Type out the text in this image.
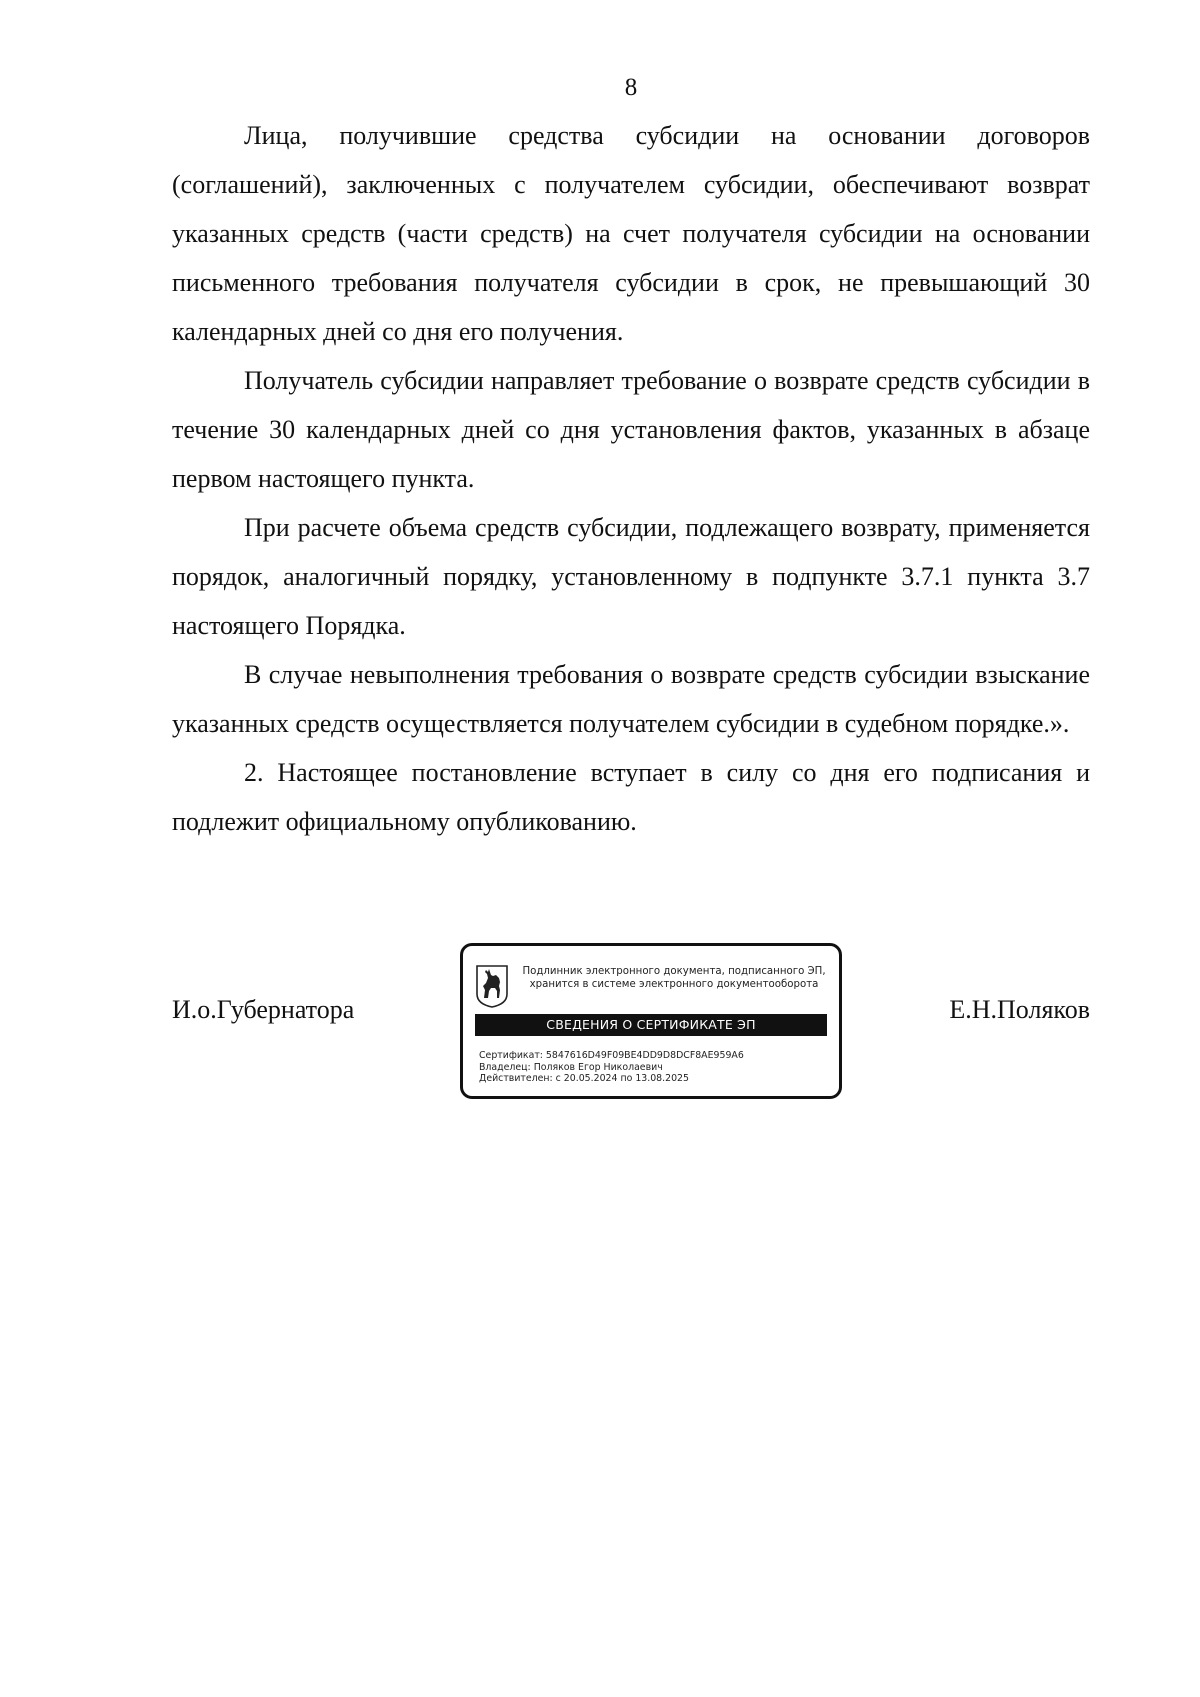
8

Лица, получившие средства субсидии на основании договоров (соглашений), заключенных с получателем субсидии, обеспечивают возврат указанных средств (части средств) на счет получателя субсидии на основании письменного требования получателя субсидии в срок, не превышающий 30 календарных дней со дня его получения.

Получатель субсидии направляет требование о возврате средств субсидии в течение 30 календарных дней со дня установления фактов, указанных в абзаце первом настоящего пункта.

При расчете объема средств субсидии, подлежащего возврату, применяется порядок, аналогичный порядку, установленному в подпункте 3.7.1 пункта 3.7 настоящего Порядка.

В случае невыполнения требования о возврате средств субсидии взыскание указанных средств осуществляется получателем субсидии в судебном порядке.».

2. Настоящее постановление вступает в силу со дня его подписания и подлежит официальному опубликованию.

И.о.Губернатора
Подлинник электронного документа, подписанного ЭП,
хранится в системе электронного документооборота
СВЕДЕНИЯ О СЕРТИФИКАТЕ ЭП
Сертификат: 5847616D49F09BE4DD9D8DCF8AE959A6
Владелец: Поляков Егор Николаевич
Действителен: с 20.05.2024 по 13.08.2025
Е.Н.Поляков
